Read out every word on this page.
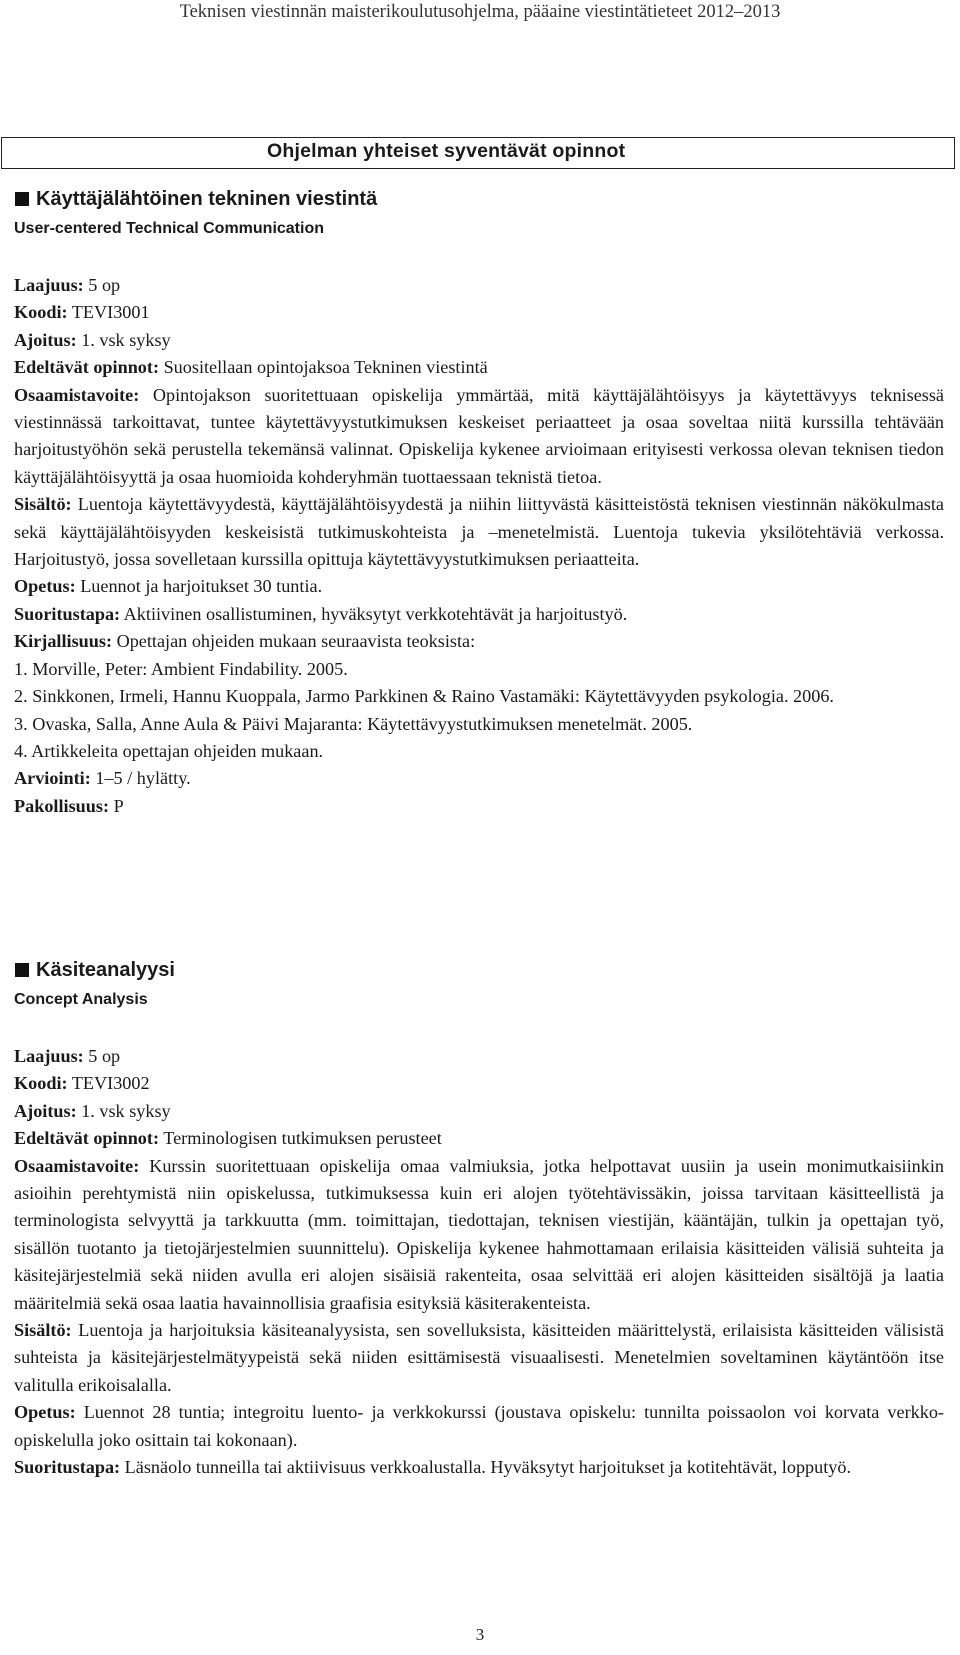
Teknisen viestinnän maisterikoulutusohjelma, pääaine viestintätieteet 2012–2013
Ohjelman yhteiset syventävät opinnot
Käyttäjälähtöinen tekninen viestintä
User-centered Technical Communication
Laajuus: 5 op
Koodi: TEVI3001
Ajoitus: 1. vsk syksy
Edeltävät opinnot: Suositellaan opintojaksoa Tekninen viestintä
Osaamistavoite: Opintojakson suoritettuaan opiskelija ymmärtää, mitä käyttäjälähtöisyys ja käytettävyys teknisessä viestinnässä tarkoittavat, tuntee käytettävyystutkimuksen keskeiset periaatteet ja osaa soveltaa niitä kurssilla tehtävään harjoitustyöhön sekä perustella tekemänsä valinnat. Opiskelija kykenee arvioimaan erityisesti verkossa olevan teknisen tiedon käyttäjälähtöisyyttä ja osaa huomioida kohderyhmän tuottaessaan teknistä tietoa.
Sisältö: Luentoja käytettävyydestä, käyttäjälähtöisyydestä ja niihin liittyvästä käsitteistöstä teknisen viestinnän näkökulmasta sekä käyttäjälähtöisyyden keskeisistä tutkimuskohteista ja –menetelmistä. Luentoja tukevia yksilötehtäviä verkossa. Harjoitustyö, jossa sovelletaan kurssilla opittuja käytettävyystutkimuksen periaatteita.
Opetus: Luennot ja harjoitukset 30 tuntia.
Suoritustapa: Aktiivinen osallistuminen, hyväksytyt verkkotehtävät ja harjoitustyö.
Kirjallisuus: Opettajan ohjeiden mukaan seuraavista teoksista:
1. Morville, Peter: Ambient Findability. 2005.
2. Sinkkonen, Irmeli, Hannu Kuoppala, Jarmo Parkkinen & Raino Vastamäki: Käytettävyyden psykologia. 2006.
3. Ovaska, Salla, Anne Aula & Päivi Majaranta: Käytettävyystutkimuksen menetelmät. 2005.
4. Artikkeleita opettajan ohjeiden mukaan.
Arviointi: 1–5 / hylätty.
Pakollisuus: P
Käsiteanalyysi
Concept Analysis
Laajuus: 5 op
Koodi: TEVI3002
Ajoitus: 1. vsk syksy
Edeltävät opinnot: Terminologisen tutkimuksen perusteet
Osaamistavoite: Kurssin suoritettuaan opiskelija omaa valmiuksia, jotka helpottavat uusiin ja usein monimutkaisiinkin asioihin perehtymistä niin opiskelussa, tutkimuksessa kuin eri alojen työtehtävissäkin, joissa tarvitaan käsitteellistä ja terminologista selvyyttä ja tarkkuutta (mm. toimittajan, tiedottajan, teknisen viestijän, kääntäjän, tulkin ja opettajan työ, sisällön tuotanto ja tietojärjestelmien suunnittelu). Opiskelija kykenee hahmottamaan erilaisia käsitteiden välisiä suhteita ja käsitejärjestelmiä sekä niiden avulla eri alojen sisäisiä rakenteita, osaa selvittää eri alojen käsitteiden sisältöjä ja laatia määritelmiä sekä osaa laatia havainnollisia graafisia esityksiä käsiterakenteista.
Sisältö: Luentoja ja harjoituksia käsiteanalyysista, sen sovelluksista, käsitteiden määrittelystä, erilaisista käsitteiden välisistä suhteista ja käsitejärjestelmätyypeistä sekä niiden esittämisestä visuaalisesti. Menetelmien soveltaminen käytäntöön itse valitulla erikoisalalla.
Opetus: Luennot 28 tuntia; integroitu luento- ja verkkokurssi (joustava opiskelu: tunnilta poissaolon voi korvata verkko-opiskelulla joko osittain tai kokonaan).
Suoritustapa: Läsnäolo tunneilla tai aktiivisuus verkkoalustalla. Hyväksytyt harjoitukset ja kotitehtävät, lopputyö.
3
